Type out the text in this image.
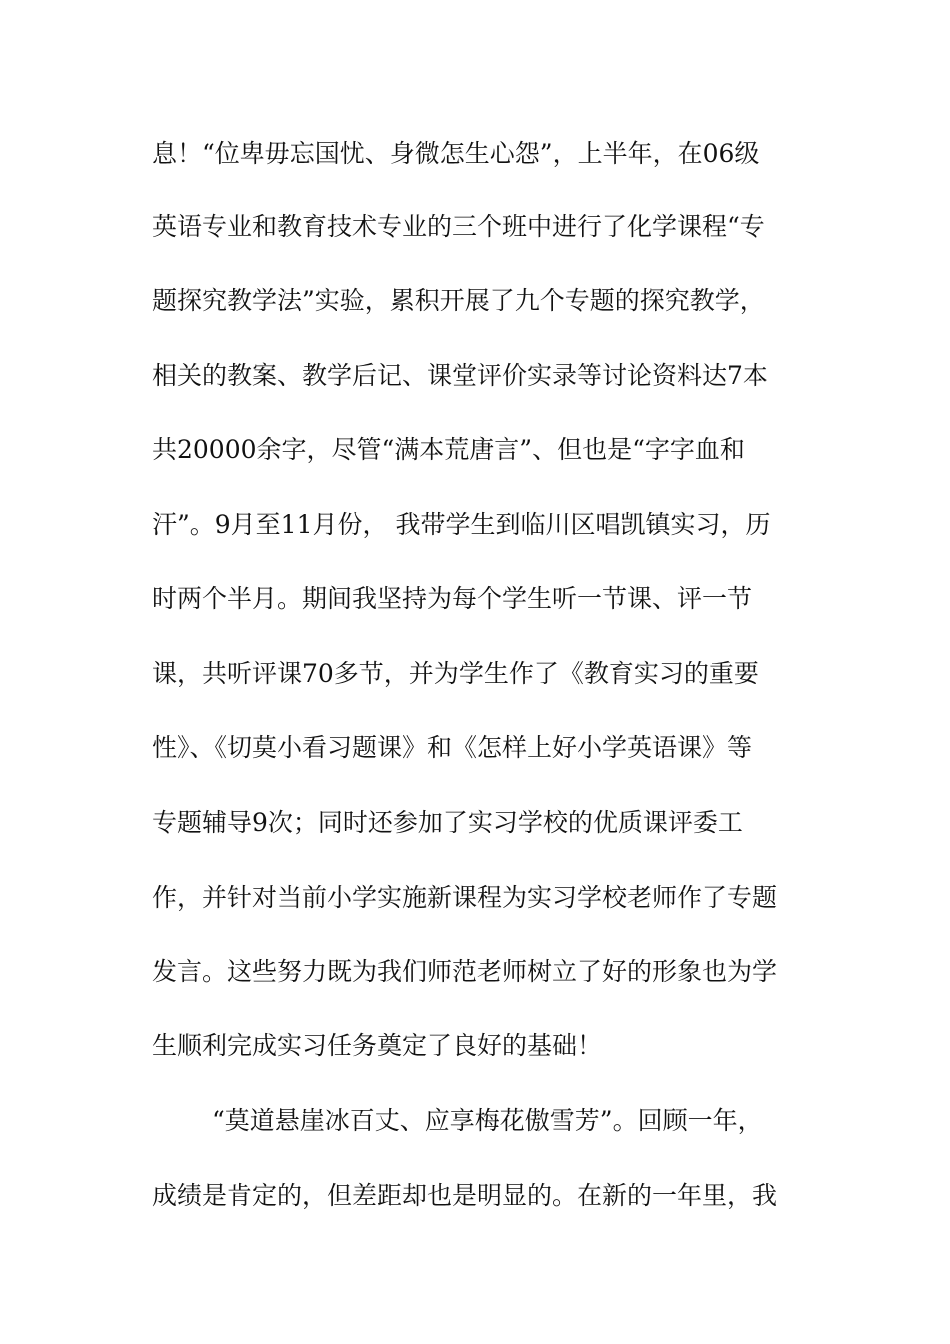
息！“位卑毋忘国忧、身微怎生心怨”，上半年，在06级
英语专业和教育技术专业的三个班中进行了化学课程“专
题探究教学法”实验，累积开展了九个专题的探究教学，
相关的教案、教学后记、课堂评价实录等讨论资料达7本
共20000余字，尽管“满本荒唐言”、但也是“字字血和
汗”。9月至11月份， 我带学生到临川区唱凯镇实习，历
时两个半月。期间我坚持为每个学生听一节课、评一节
课，共听评课70多节，并为学生作了《教育实习的重要
性》、《切莫小看习题课》和《怎样上好小学英语课》等
专题辅导9次；同时还参加了实习学校的优质课评委工
作，并针对当前小学实施新课程为实习学校老师作了专题
发言。这些努力既为我们师范老师树立了好的形象也为学
生顺利完成实习任务奠定了良好的基础！
“莫道悬崖冰百丈、应享梅花傲雪芳”。回顾一年，
成绩是肯定的，但差距却也是明显的。在新的一年里，我
